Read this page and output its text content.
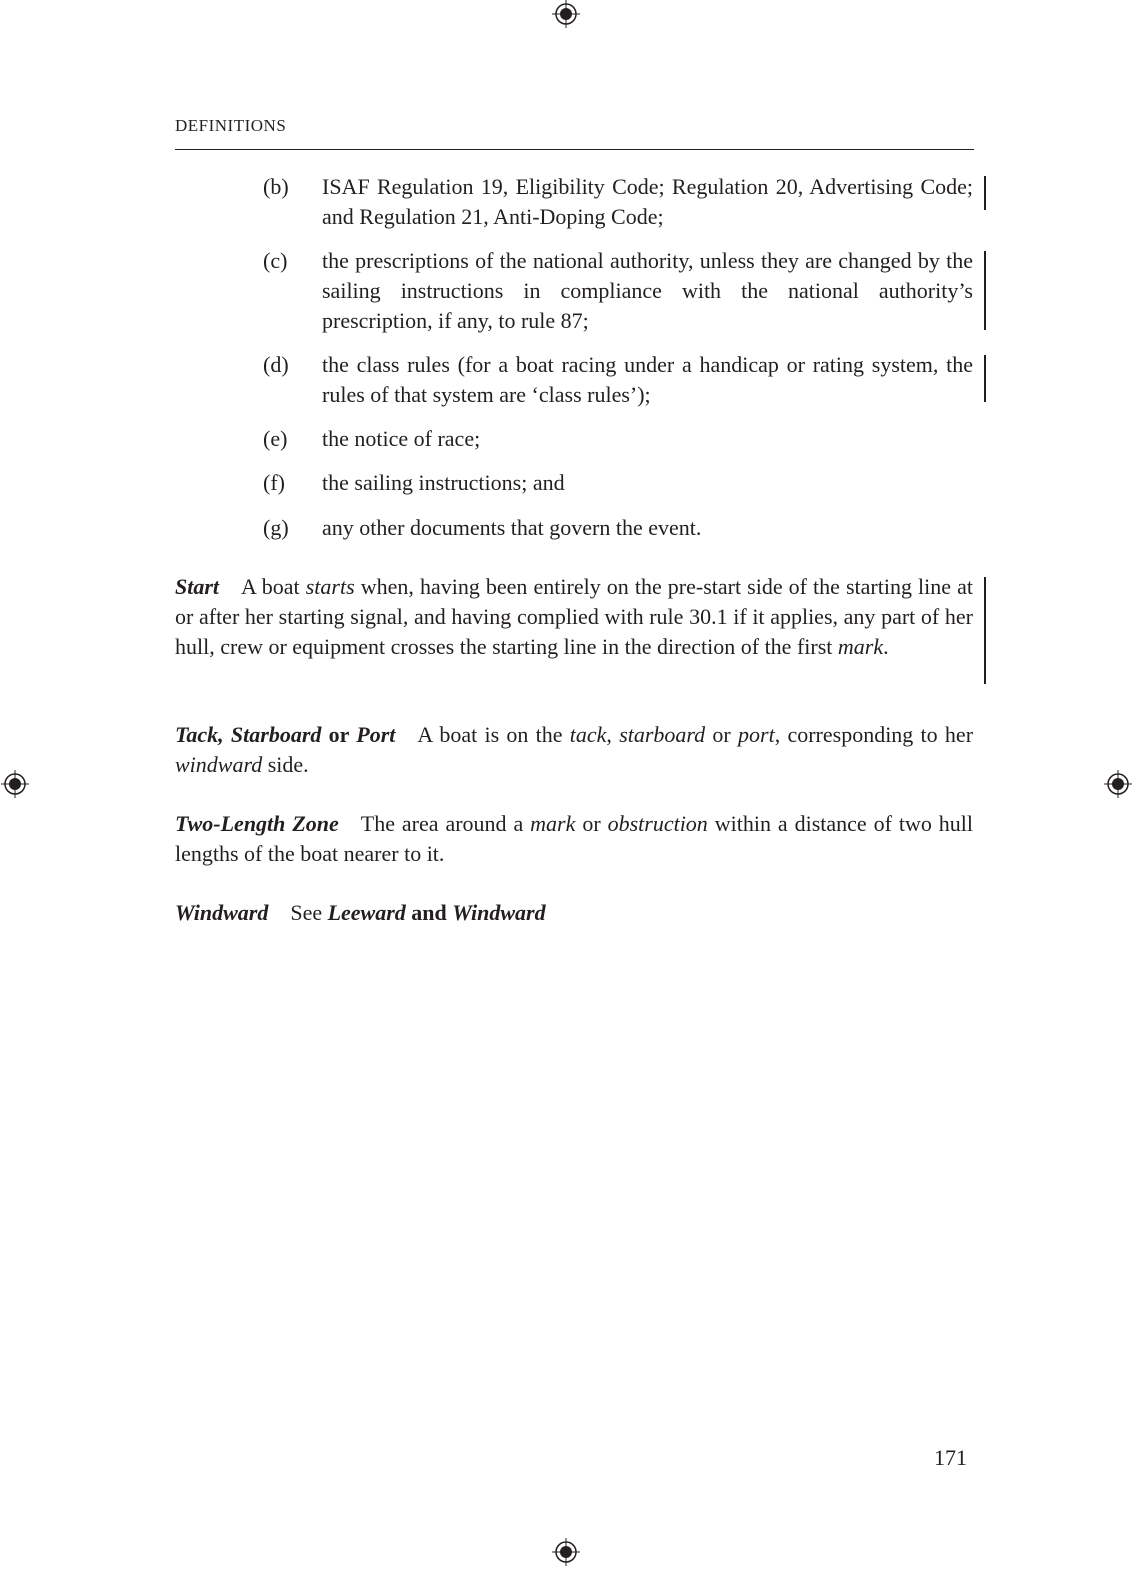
DEFINITIONS
(b) ISAF Regulation 19, Eligibility Code; Regulation 20, Advertising Code; and Regulation 21, Anti-Doping Code;
(c) the prescriptions of the national authority, unless they are changed by the sailing instructions in compliance with the national authority’s prescription, if any, to rule 87;
(d) the class rules (for a boat racing under a handicap or rating system, the rules of that system are ‘class rules’);
(e) the notice of race;
(f) the sailing instructions; and
(g) any other documents that govern the event.
Start A boat starts when, having been entirely on the pre-start side of the starting line at or after her starting signal, and having complied with rule 30.1 if it applies, any part of her hull, crew or equipment crosses the starting line in the direction of the first mark.
Tack, Starboard or Port A boat is on the tack, starboard or port, corresponding to her windward side.
Two-Length Zone The area around a mark or obstruction within a distance of two hull lengths of the boat nearer to it.
Windward See Leeward and Windward
171
